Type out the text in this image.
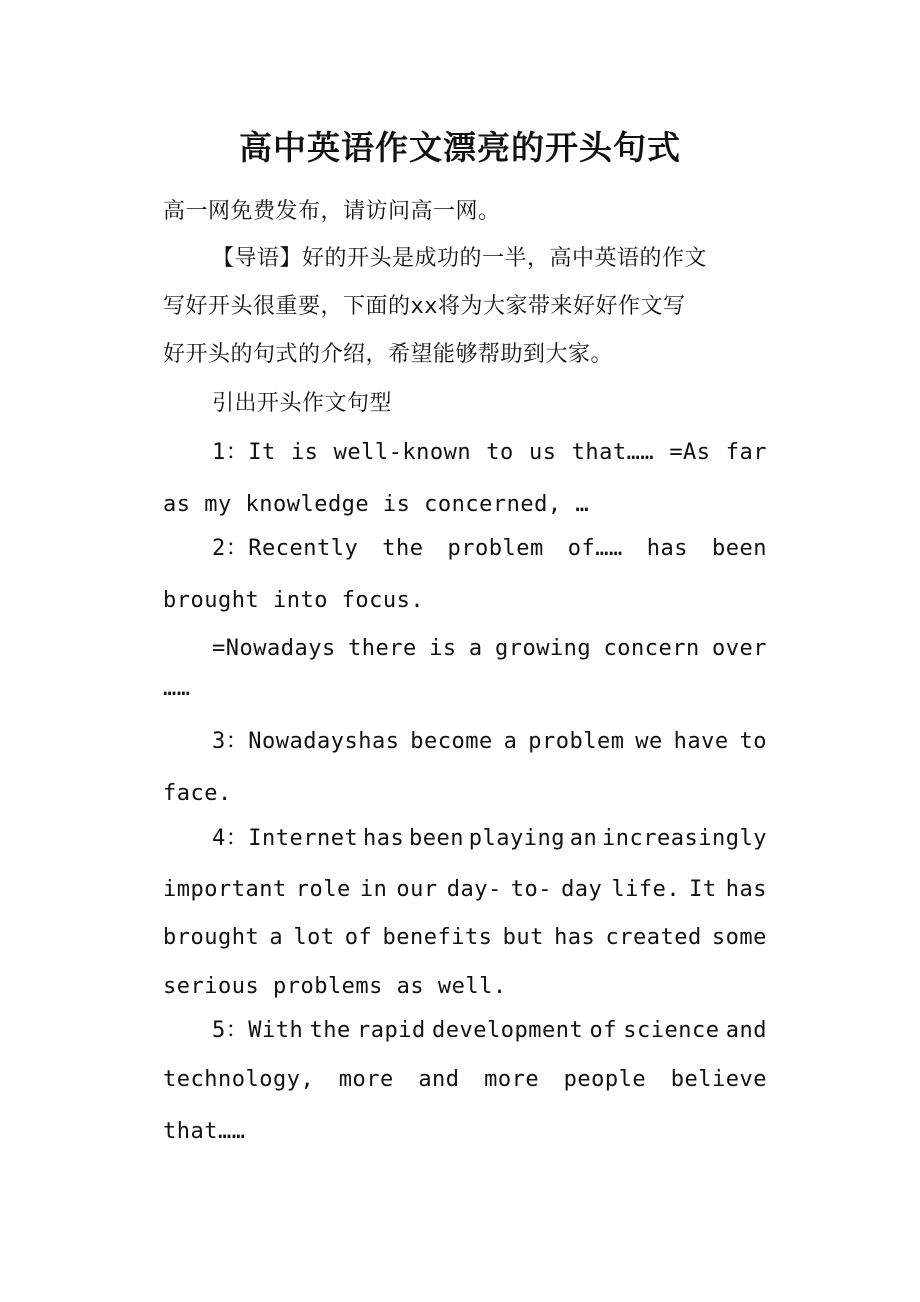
高中英语作文漂亮的开头句式
高一网免费发布，请访问高一网。
【导语】好的开头是成功的一半，高中英语的作文
写好开头很重要，下面的xx将为大家带来好好作文写
好开头的句式的介绍，希望能够帮助到大家。
引出开头作文句型
1：It is well-known to us that…… =As far
as my knowledge is concerned, …
2：Recently the problem of…… has been
brought into focus.
=Nowadays there is a growing concern over
……
3：Nowadayshas become a problem we have to
face.
4：Internet has been playing an increasingly
important role in our day- to- day life. It has
brought a lot of benefits but has created some
serious problems as well.
5：With the rapid development of science and
technology, more and more people believe
that……
